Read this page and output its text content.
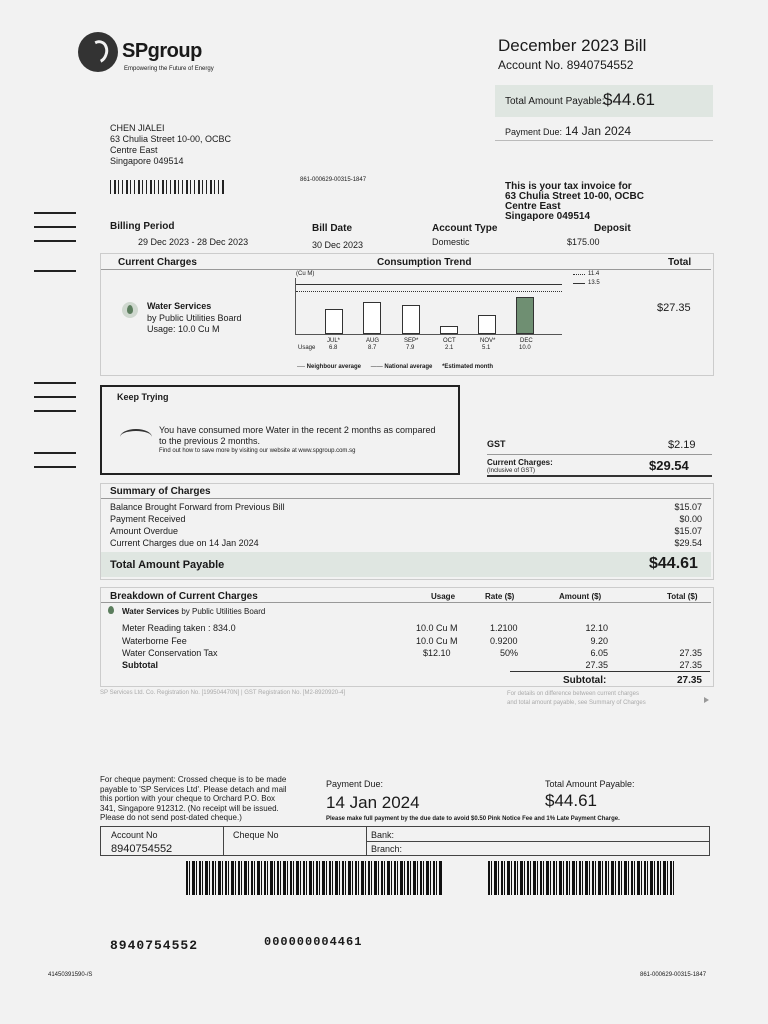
SPgroup
Empowering the Future of Energy
December 2023 Bill
Account No. 8940754552
Total Amount Payable:
$44.61
Payment Due: 14 Jan 2024
CHEN JIALEI
63 Chulia Street 10-00, OCBC
Centre East
Singapore 049514
861-000629-00315-1847
This is your tax invoice for
63 Chulia Street 10-00, OCBC
Centre East
Singapore 049514
Billing Period
29 Dec 2023 - 28 Dec 2023
Bill Date
30 Dec 2023
Account Type
Domestic
Deposit
$175.00
Current Charges	Consumption Trend	Total
Water Services
by Public Utilities Board
Usage: 10.0 Cu M
$27.35
(Cu M)	11.4
13.5
Usage
JUL*	AUG	SEP*	OCT	NOV*	DEC
6.8	8.7	7.9	2.1	5.1	10.0
---- Neighbour average —— National average *Estimated month
Keep Trying
You have consumed more Water in the recent 2 months as compared
to the previous 2 months.
Find out how to save more by visiting our website at www.spgroup.com.sg
GST	$2.19
Current Charges:
(Inclusive of GST)	$29.54
Summary of Charges
Balance Brought Forward from Previous Bill	$15.07
Payment Received	$0.00
Amount Overdue	$15.07
Current Charges due on 14 Jan 2024	$29.54
Total Amount Payable	$44.61
Breakdown of Current Charges	Usage	Rate ($)	Amount ($)	Total ($)
Water Services by Public Utilities Board
Meter Reading taken : 834.0	10.0 Cu M	1.2100	12.10
Waterborne Fee	10.0 Cu M	0.9200	9.20
Water Conservation Tax	$12.10	50%	6.05	27.35
Subtotal	27.35	27.35
Subtotal:	27.35
SP Services Ltd. Co. Registration No. [199504470N] | GST Registration No. [M2-8920920-4]	For details on difference between current charges
and total amount payable, see Summary of Charges
For cheque payment: Crossed cheque is to be made
payable to 'SP Services Ltd'. Please detach and mail
this portion with your cheque to Orchard P.O. Box
341, Singapore 912312. (No receipt will be issued.
Please do not send post-dated cheque.)
Payment Due:
14 Jan 2024
Total Amount Payable:
$44.61
Please make full payment by the due date to avoid $0.50 Pink Notice Fee and 1% Late Payment Charge.
Account No
8940754552
Cheque No	Bank:
Branch:
8940754552	000000004461
41450391590-/S	861-000629-00315-1847
